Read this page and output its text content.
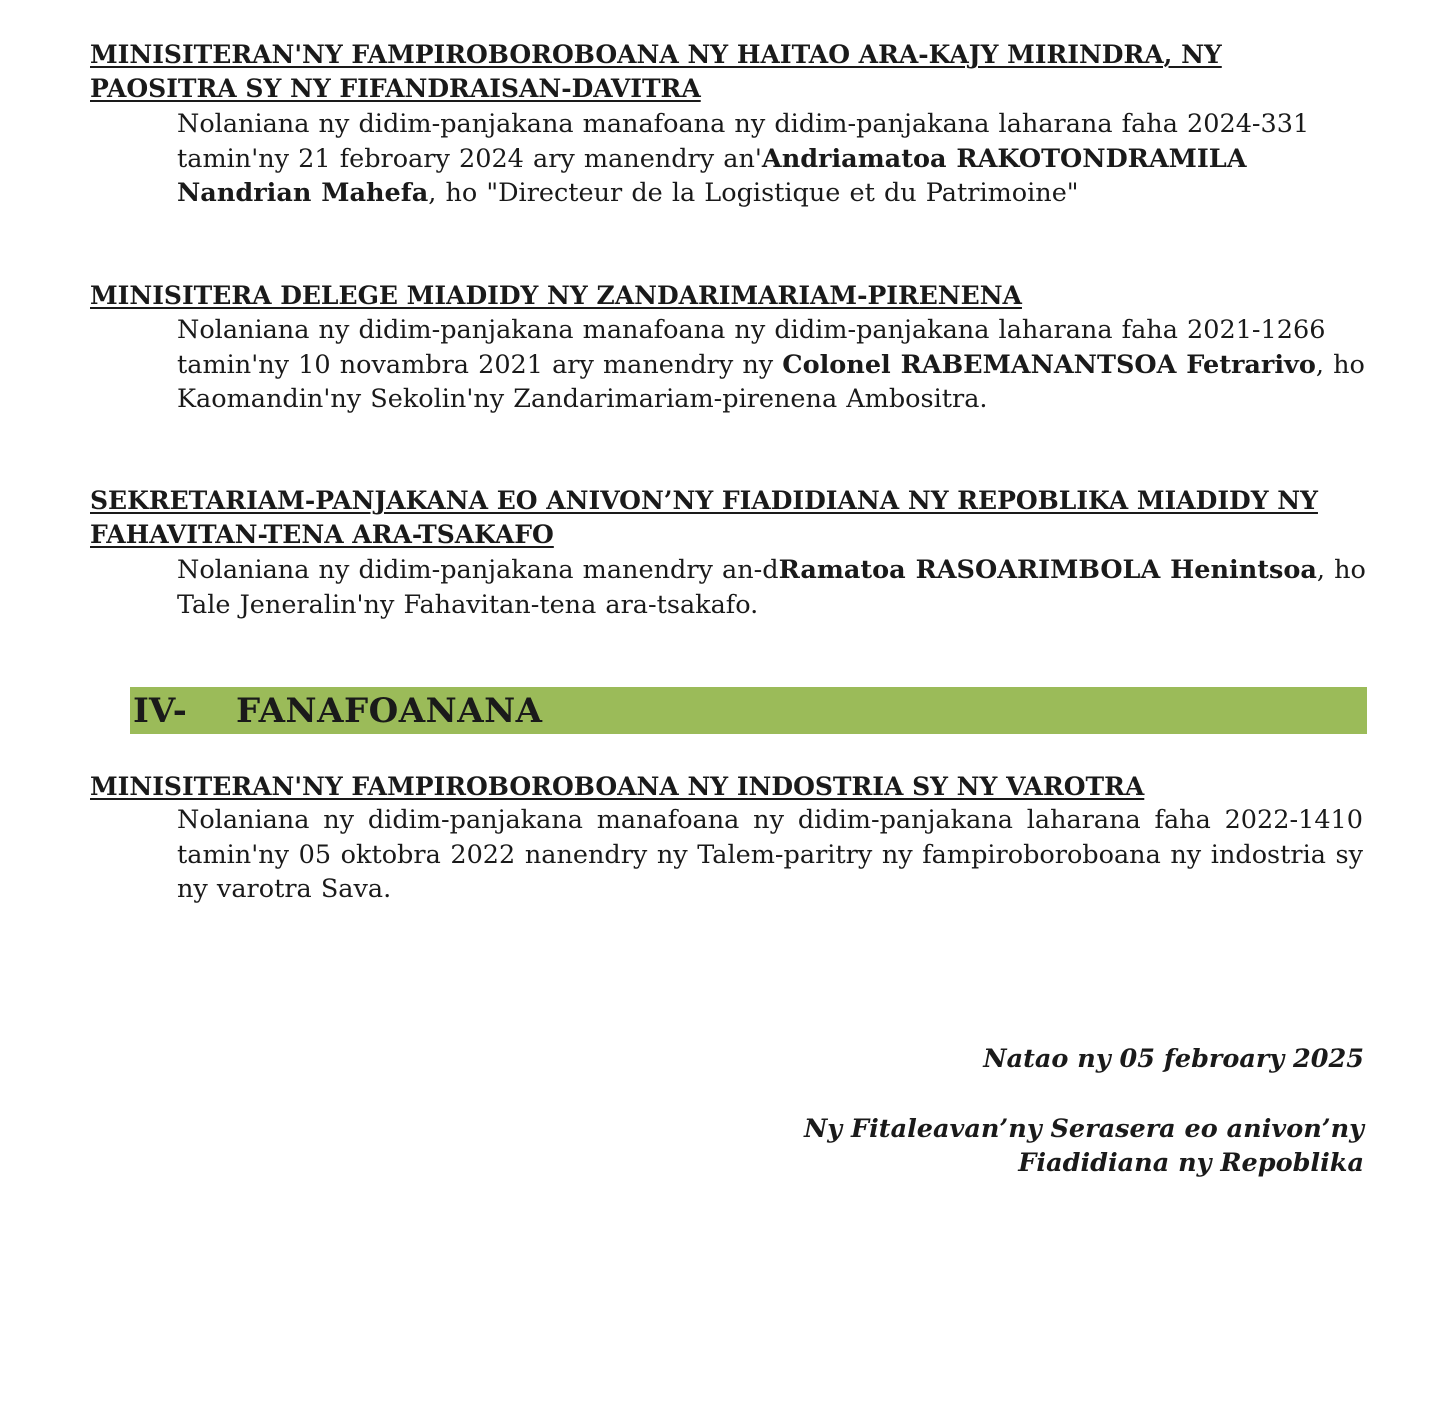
MINISITERAN'NY FAMPIROBOROBOANA NY HAITAO ARA-KAJY MIRINDRA, NY PAOSITRA SY NY FIFANDRAISAN-DAVITRA

Nolaniana ny didim-panjakana manafoana ny didim-panjakana laharana faha 2024-331 tamin'ny 21 febroary 2024 ary manendry an'Andriamatoa RAKOTONDRAMILA Nandrian Mahefa, ho "Directeur de la Logistique et du Patrimoine"

MINISITERA DELEGE MIADIDY NY ZANDARIMARIAM-PIRENENA

Nolaniana ny didim-panjakana manafoana ny didim-panjakana laharana faha 2021-1266 tamin'ny 10 novambra 2021 ary manendry ny Colonel RABEMANANTSOA Fetrarivo, ho Kaomandin'ny Sekolin'ny Zandarimariam-pirenena Ambositra.

SEKRETARIAM-PANJAKANA EO ANIVON’NY FIADIDIANA NY REPOBLIKA MIADIDY NY FAHAVITAN-TENA ARA-TSAKAFO

Nolaniana ny didim-panjakana manendry an-dRamatoa RASOARIMBOLA Henintsoa, ho Tale Jeneralin'ny Fahavitan-tena ara-tsakafo.

IV-	FANAFOANANA
MINISITERAN'NY FAMPIROBOROBOANA NY INDOSTRIA SY NY VAROTRA

Nolaniana ny didim-panjakana manafoana ny didim-panjakana laharana faha 2022-1410 tamin'ny 05 oktobra 2022 nanendry ny Talem-paritry ny fampiroboroboana ny indostria sy ny varotra Sava.

Natao ny 05 febroary 2025

Ny Fitaleavan’ny Serasera eo anivon’ny

Fiadidiana ny Repoblika
